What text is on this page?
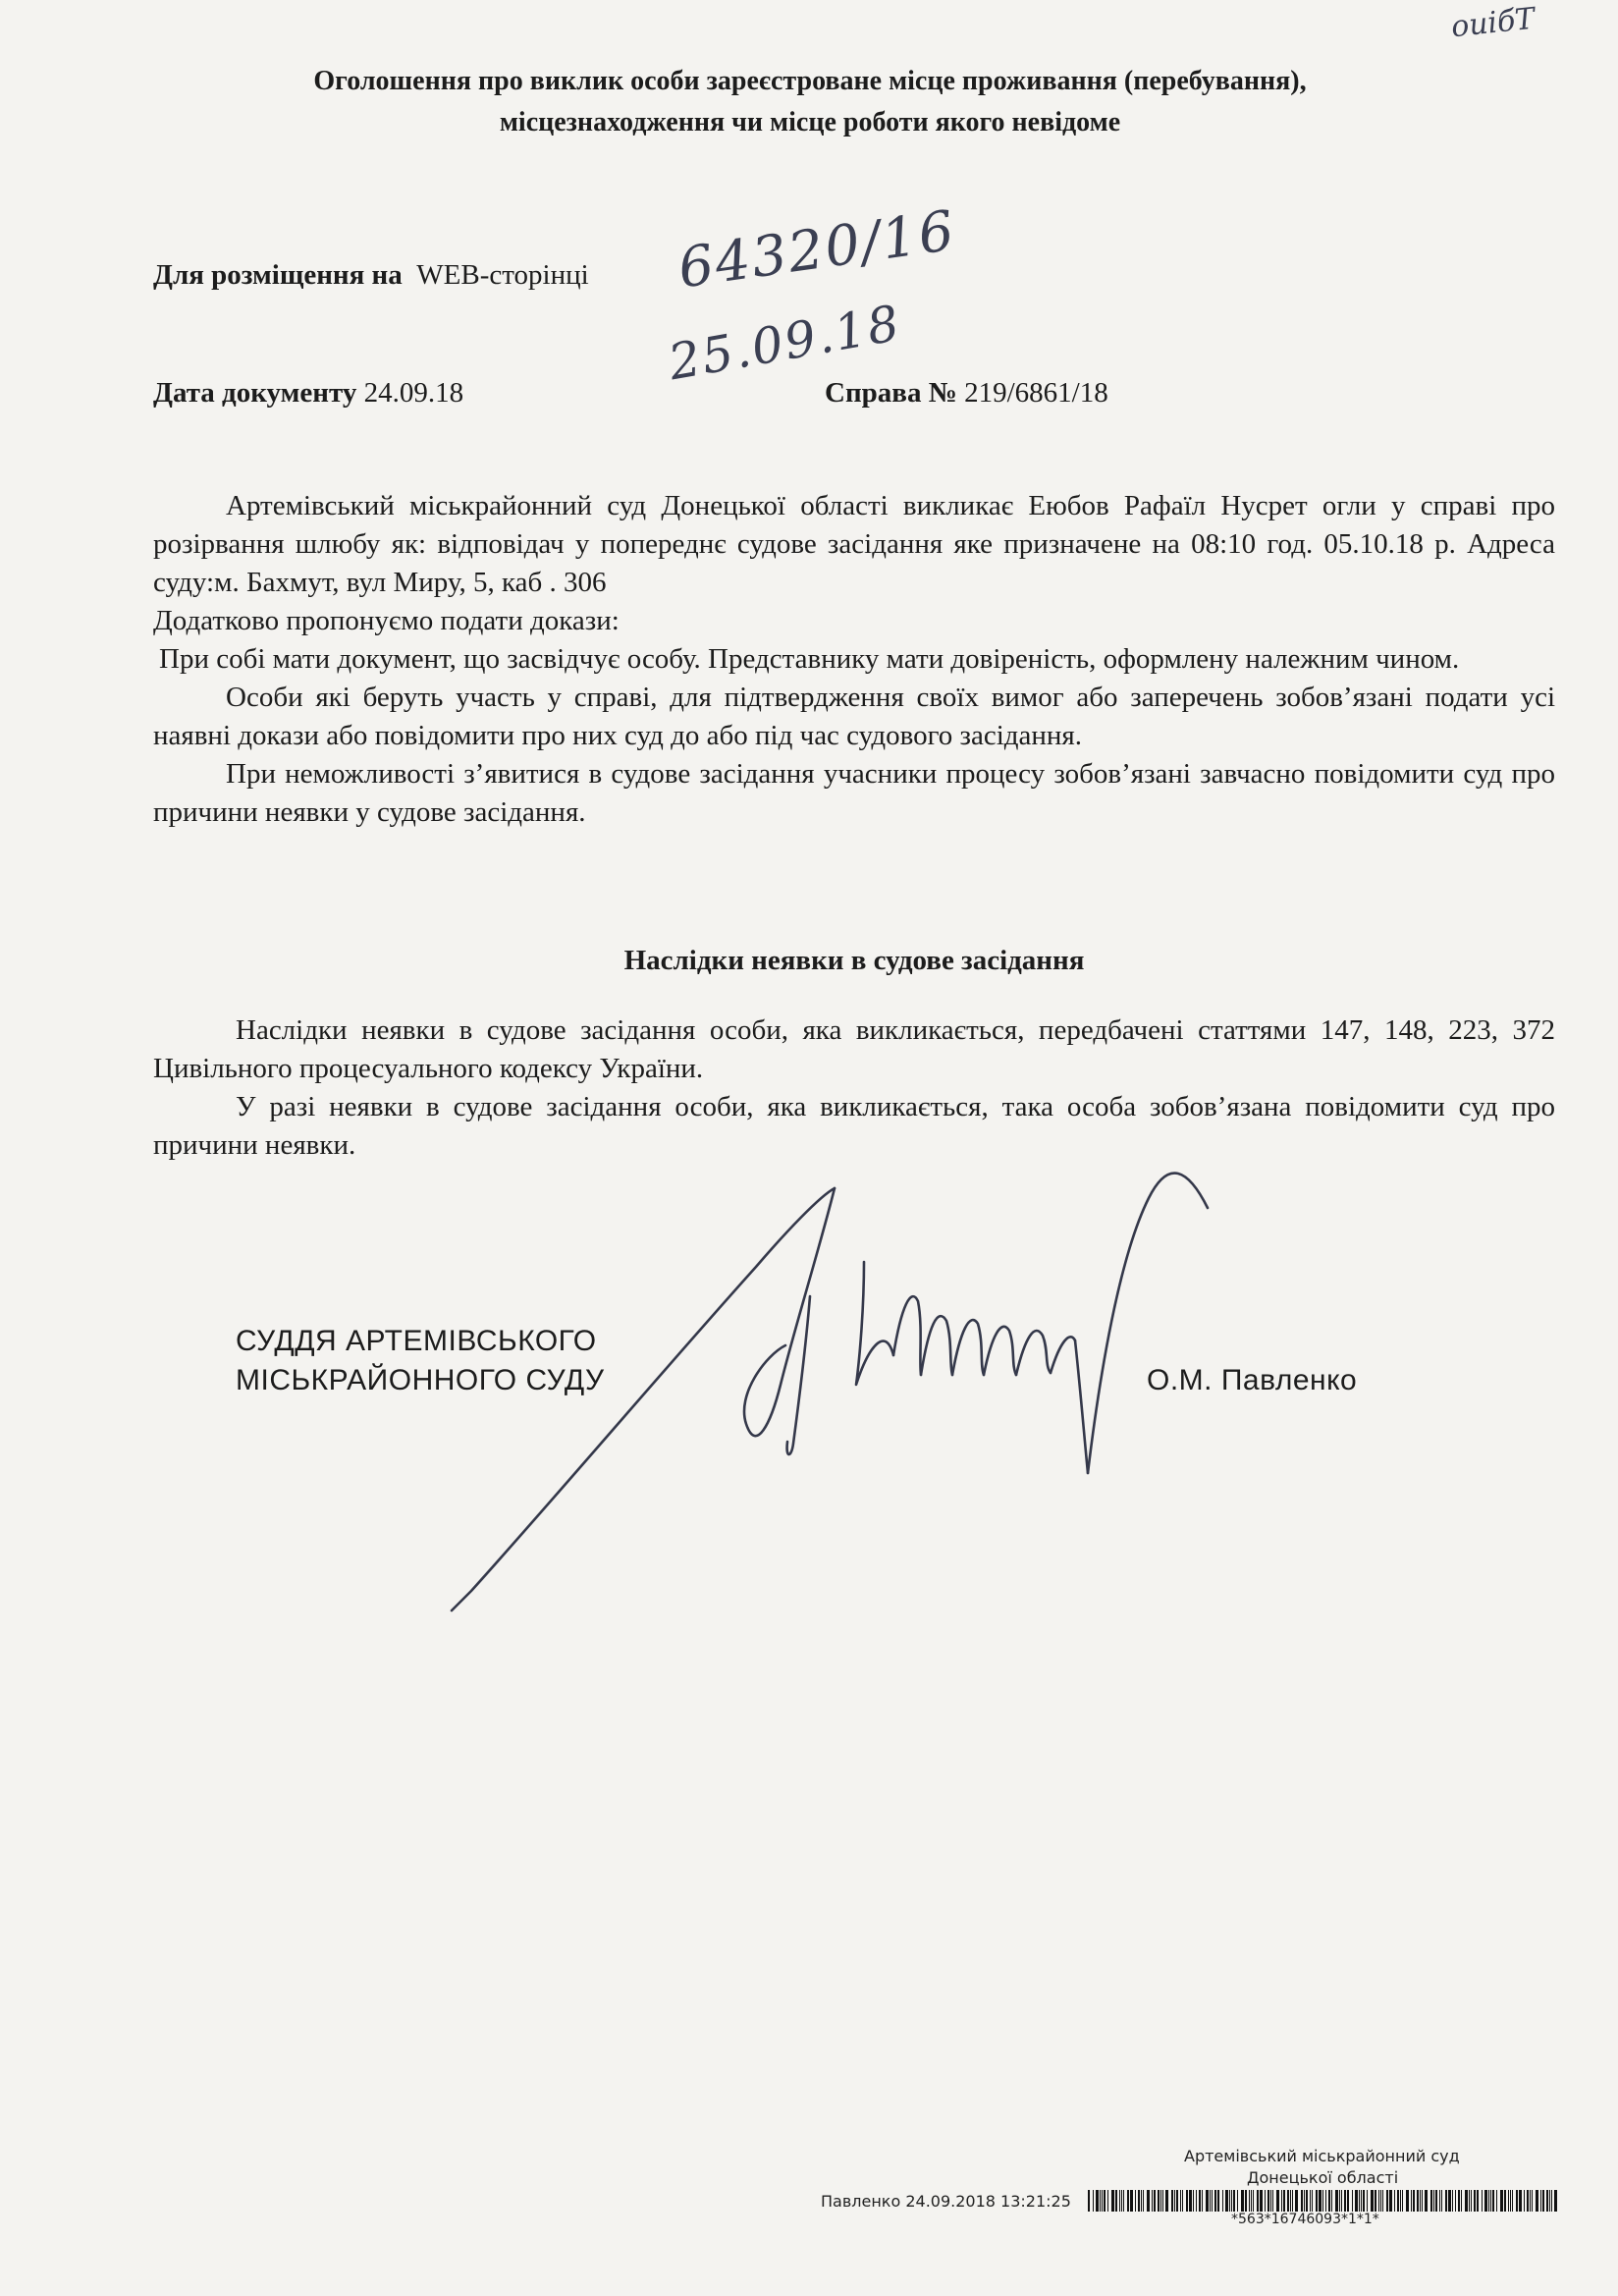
ouiбТ
Оголошення про виклик особи зареєстроване місце проживання (перебування),
місцезнаходження чи місце роботи якого невідоме
Для розміщення на WEB-сторінці 64320/16
25.09.18
Дата документу 24.09.18	Справа № 219/6861/18

Артемівський міськрайонний суд Донецької області викликає Еюбов Рафаїл Нусрет огли у справі про розірвання шлюбу як: відповідач у попереднє судове засідання яке призначене на 08:10 год. 05.10.18 р. Адреса суду:м. Бахмут, вул Миру, 5, каб . 306

Додатково пропонуємо подати докази:

При собі мати документ, що засвідчує особу. Представнику мати довіреність, оформлену належним чином.

Особи які беруть участь у справі, для підтвердження своїх вимог або заперечень зобов’язані подати усі наявні докази або повідомити про них суд до або під час судового засідання.

При неможливості з’явитися в судове засідання учасники процесу зобов’язані завчасно повідомити суд про причини неявки у судове засідання.

Наслідки неявки в судове засідання

Наслідки неявки в судове засідання особи, яка викликається, передбачені статтями 147, 148, 223, 372 Цивільного процесуального кодексу України.

У разі неявки в судове засідання особи, яка викликається, така особа зобов’язана повідомити суд про причини неявки.

СУДДЯ АРТЕМІВСЬКОГО
МІСЬКРАЙОННОГО СУДУ	О.М. Павленко
Артемівський міськрайонний суд
Донецької області
Павленко 24.09.2018 13:21:25
*563*16746093*1*1*
